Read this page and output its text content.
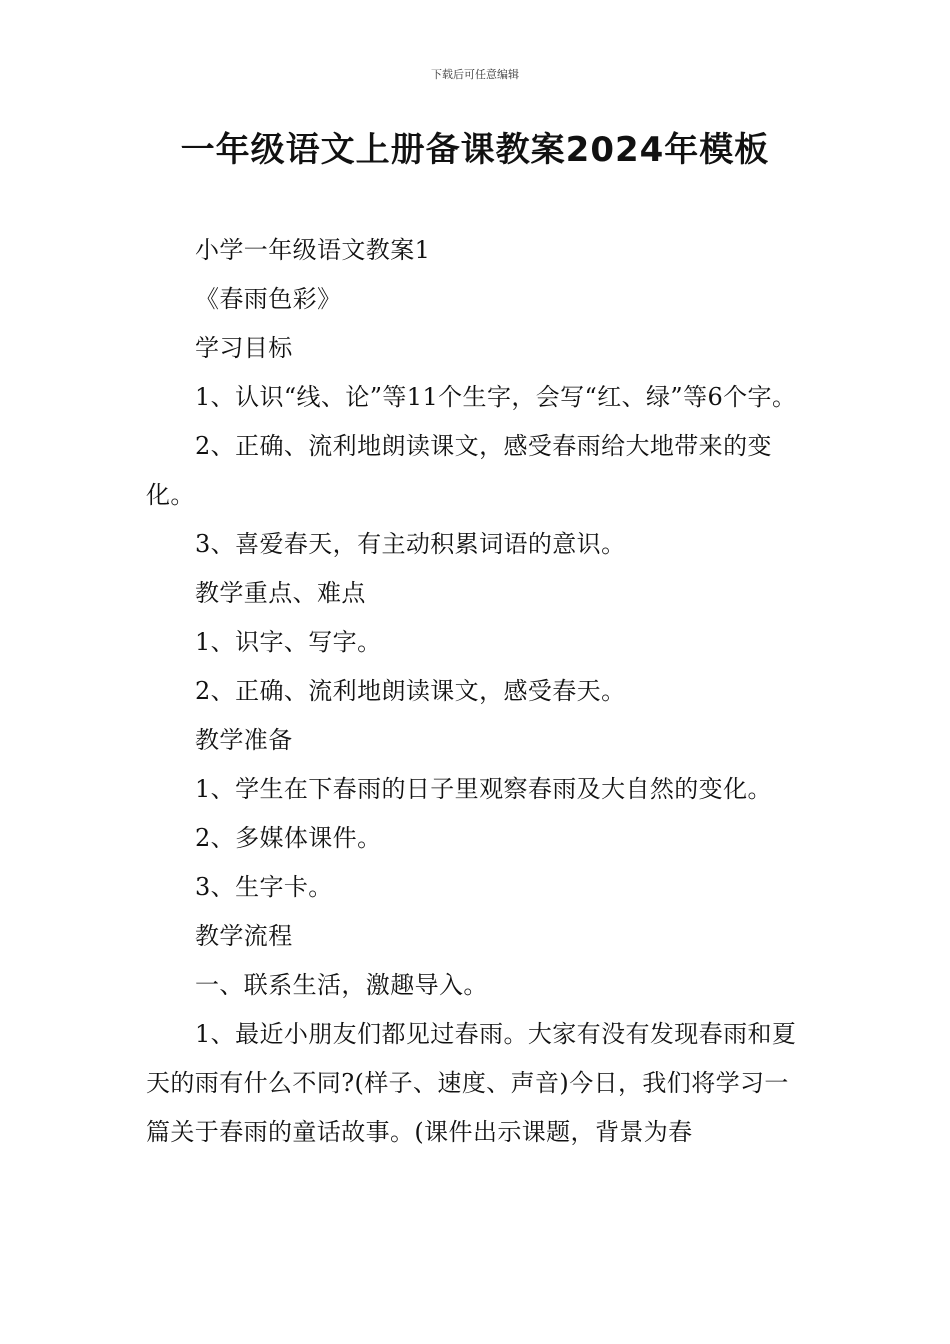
下载后可任意编辑
一年级语文上册备课教案2024年模板

小学一年级语文教案1

《春雨色彩》

学习目标

1、认识“线、论”等11个生字，会写“红、绿”等6个字。

2、正确、流利地朗读课文，感受春雨给大地带来的变化。

3、喜爱春天，有主动积累词语的意识。

教学重点、难点

1、识字、写字。

2、正确、流利地朗读课文，感受春天。

教学准备

1、学生在下春雨的日子里观察春雨及大自然的变化。

2、多媒体课件。

3、生字卡。

教学流程

一、联系生活，激趣导入。

1、最近小朋友们都见过春雨。大家有没有发现春雨和夏天的雨有什么不同?(样子、速度、声音)今日，我们将学习一篇关于春雨的童话故事。(课件出示课题，背景为春
